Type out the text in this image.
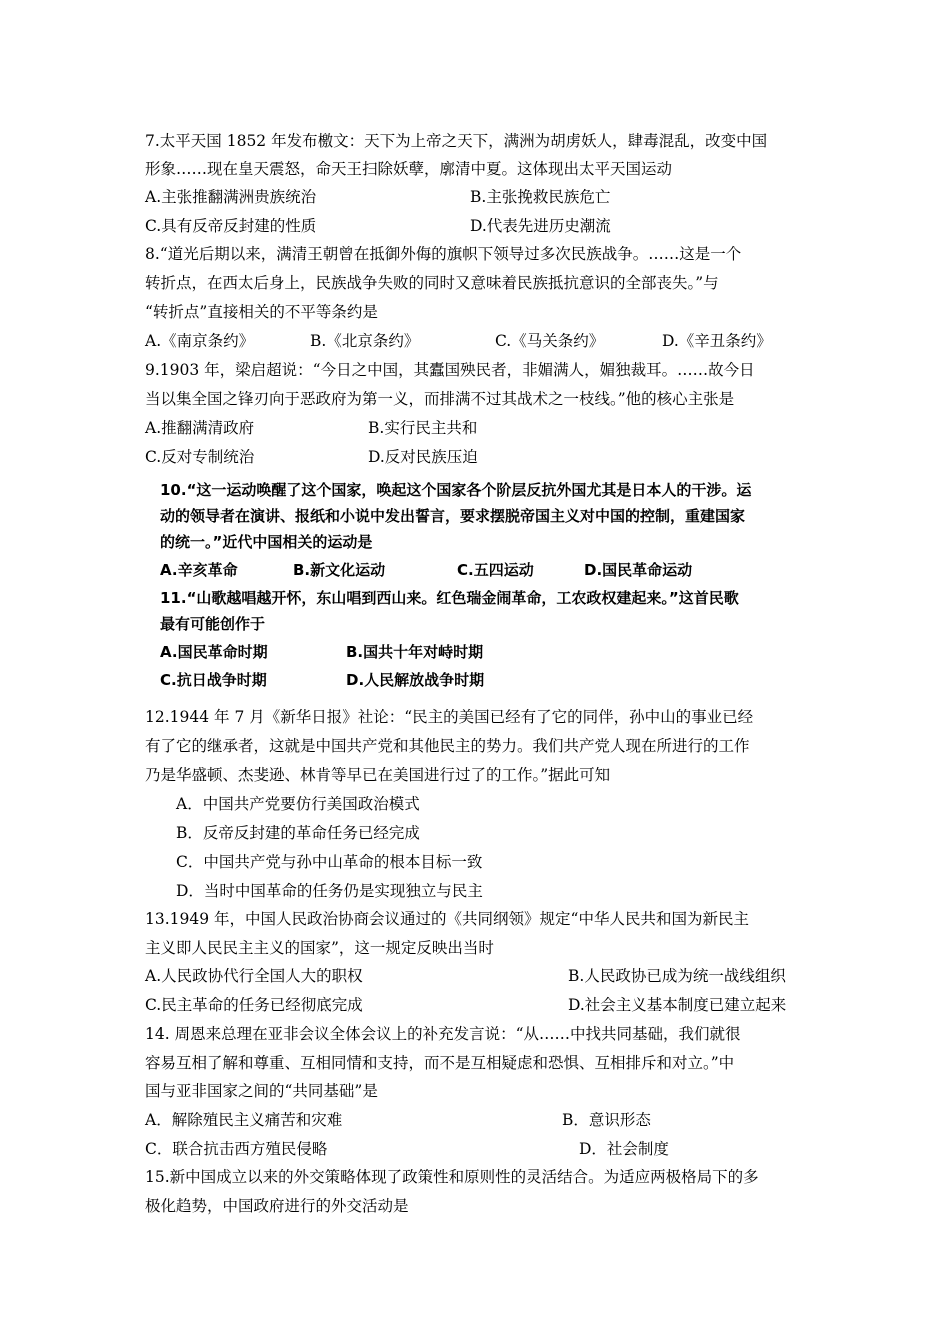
7.太平天国 1852 年发布檄文：天下为上帝之天下，满洲为胡虏妖人，肆毒混乱，改变中国
形象……现在皇天震怒，命天王扫除妖孽，廓清中夏。这体现出太平天国运动
A.主张推翻满洲贵族统治	B.主张挽救民族危亡
C.具有反帝反封建的性质	D.代表先进历史潮流
8.“道光后期以来，满清王朝曾在抵御外侮的旗帜下领导过多次民族战争。……这是一个
转折点，在西太后身上，民族战争失败的同时又意味着民族抵抗意识的全部丧失。”与
“转折点”直接相关的不平等条约是
A.《南京条约》	B.《北京条约》	C.《马关条约》	D.《辛丑条约》
9.1903 年，梁启超说：“今日之中国，其蠹国殃民者，非媚满人，媚独裁耳。……故今日
当以集全国之锋刃向于恶政府为第一义，而排满不过其战术之一枝线。”他的核心主张是
A.推翻满清政府	B.实行民主共和
C.反对专制统治	D.反对民族压迫
10.“这一运动唤醒了这个国家，唤起这个国家各个阶层反抗外国尤其是日本人的干涉。运
动的领导者在演讲、报纸和小说中发出誓言，要求摆脱帝国主义对中国的控制，重建国家
的统一。”近代中国相关的运动是
A.辛亥革命	B.新文化运动	C.五四运动	D.国民革命运动
11.“山歌越唱越开怀，东山唱到西山来。红色瑞金闹革命，工农政权建起来。”这首民歌
最有可能创作于
A.国民革命时期	B.国共十年对峙时期
C.抗日战争时期	D.人民解放战争时期
12.1944 年 7 月《新华日报》社论：“民主的美国已经有了它的同伴，孙中山的事业已经
有了它的继承者，这就是中国共产党和其他民主的势力。我们共产党人现在所进行的工作
乃是华盛顿、杰斐逊、林肯等早已在美国进行过了的工作。”据此可知
A．中国共产党要仿行美国政治模式
B．反帝反封建的革命任务已经完成
C．中国共产党与孙中山革命的根本目标一致
D．当时中国革命的任务仍是实现独立与民主
13.1949 年，中国人民政治协商会议通过的《共同纲领》规定“中华人民共和国为新民主
主义即人民民主主义的国家”，这一规定反映出当时
A.人民政协代行全国人大的职权	B.人民政协已成为统一战线组织
C.民主革命的任务已经彻底完成	D.社会主义基本制度已建立起来
14. 周恩来总理在亚非会议全体会议上的补充发言说：“从……中找共同基础，我们就很
容易互相了解和尊重、互相同情和支持，而不是互相疑虑和恐惧、互相排斥和对立。”中
国与亚非国家之间的“共同基础”是
A．解除殖民主义痛苦和灾难	B．意识形态
C．联合抗击西方殖民侵略	D．社会制度
15.新中国成立以来的外交策略体现了政策性和原则性的灵活结合。为适应两极格局下的多
极化趋势，中国政府进行的外交活动是
